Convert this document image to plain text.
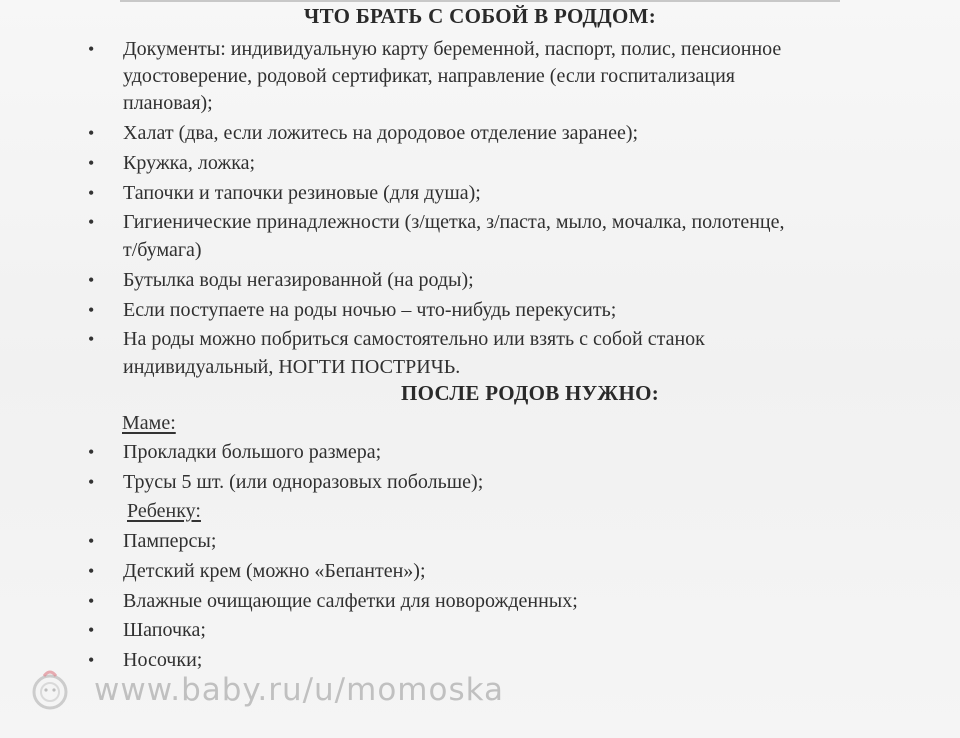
ЧТО БРАТЬ С СОБОЙ В РОДДОМ:
• Документы: индивидуальную карту беременной, паспорт, полис, пенсионное
удостоверение, родовой сертификат, направление (если госпитализация
плановая);
• Халат (два, если ложитесь на дородовое отделение заранее);
• Кружка, ложка;
• Тапочки и тапочки резиновые (для душа);
• Гигиенические принадлежности (з/щетка, з/паста, мыло, мочалка, полотенце,
т/бумага)
• Бутылка воды негазированной (на роды);
• Если поступаете на роды ночью – что-нибудь перекусить;
• На роды можно побриться самостоятельно или взять с собой станок
индивидуальный, НОГТИ ПОСТРИЧЬ.
ПОСЛЕ РОДОВ НУЖНО:
Маме:
• Прокладки большого размера;
• Трусы 5 шт. (или одноразовых побольше);
Ребенку:
• Памперсы;
• Детский крем (можно «Бепантен»);
• Влажные очищающие салфетки для новорожденных;
• Шапочка;
• Носочки;
www.baby.ru/u/momoska
